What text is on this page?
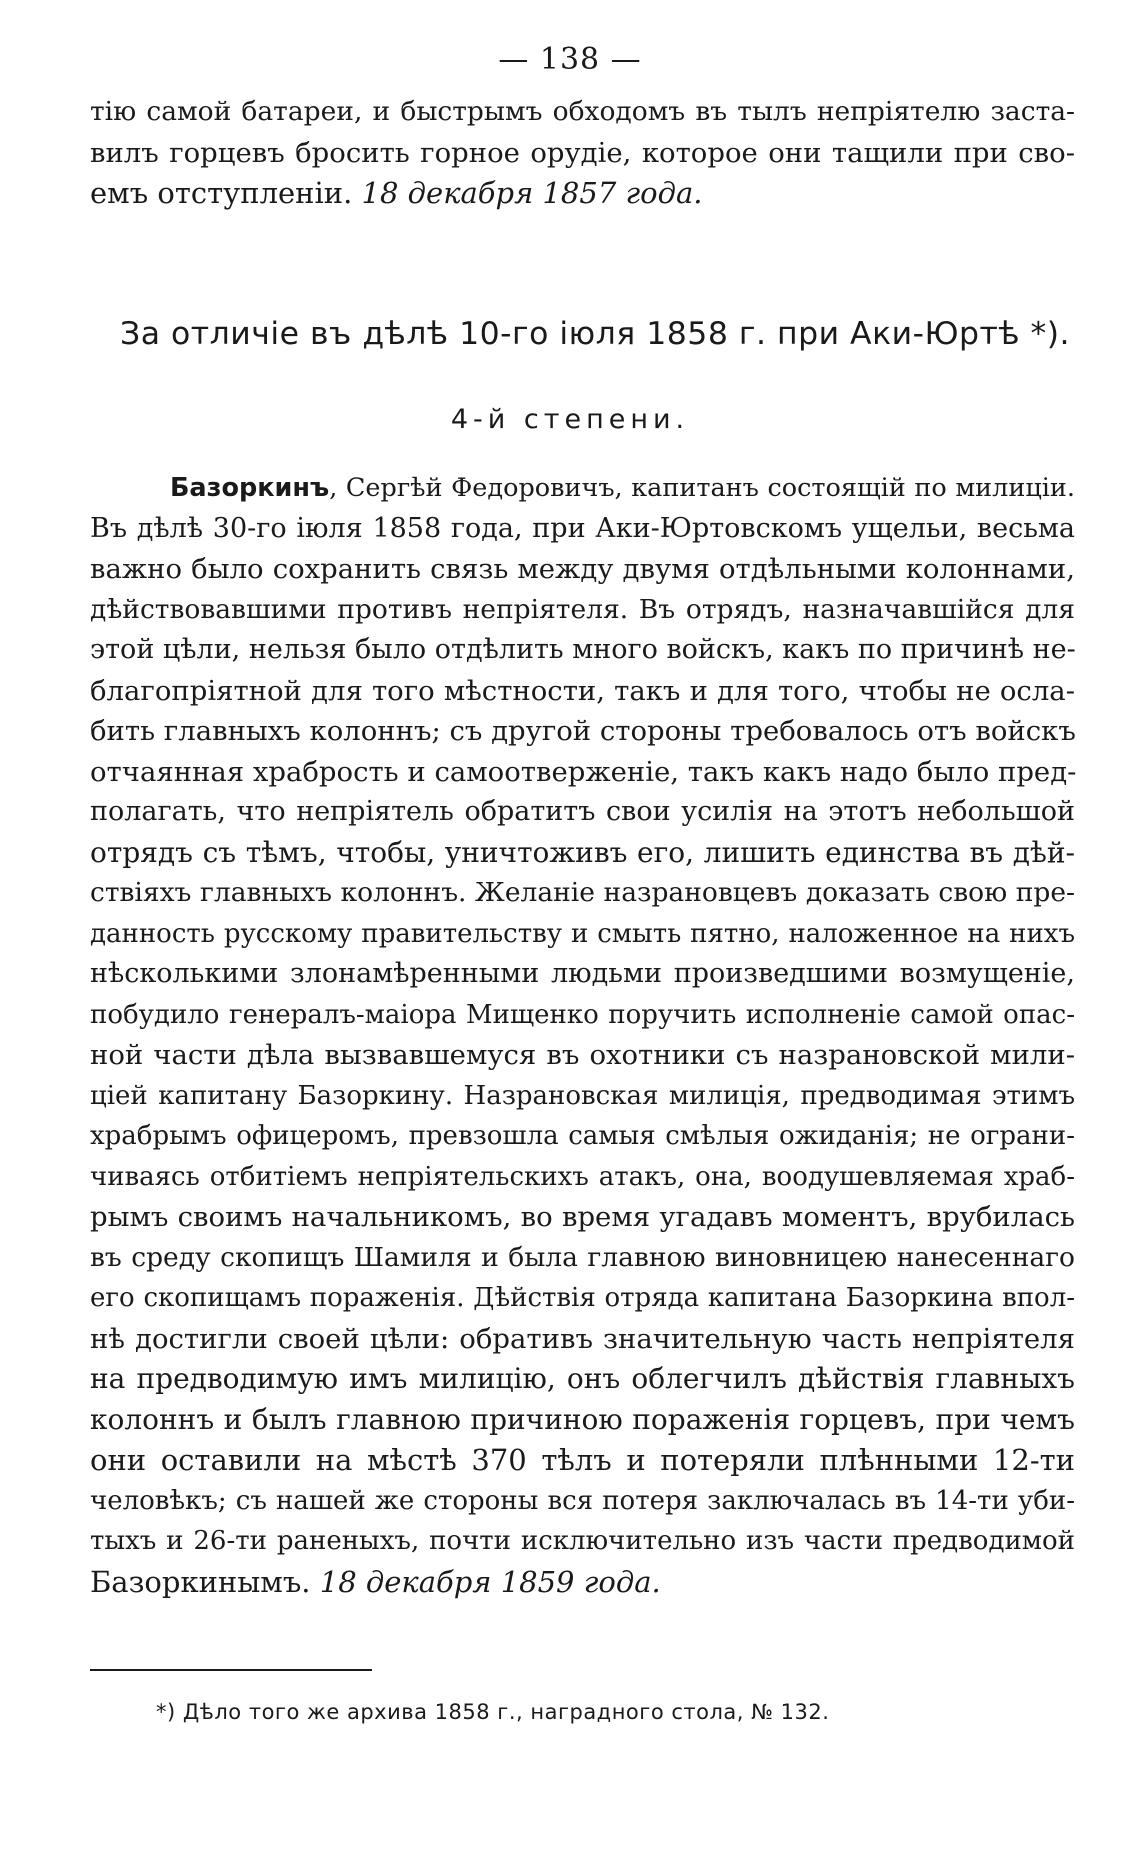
— 138 —
тію самой батареи, и быстрымъ обходомъ въ тылъ непріятелю заста-
вилъ горцевъ бросить горное орудіе, которое они тащили при сво-
емъ отступленіи. 18 декабря 1857 года.
За отличіе въ дѣлѣ 10-го іюля 1858 г. при Аки-Юртѣ *).
4-й степени.
Базоркинъ, Сергѣй Федоровичъ, капитанъ состоящій по милиціи.
Въ дѣлѣ 30-го іюля 1858 года, при Аки-Юртовскомъ ущельи, весьма
важно было сохранить связь между двумя отдѣльными колоннами,
дѣйствовавшими противъ непріятеля. Въ отрядъ, назначавшійся для
этой цѣли, нельзя было отдѣлить много войскъ, какъ по причинѣ не-
благопріятной для того мѣстности, такъ и для того, чтобы не осла-
бить главныхъ колоннъ; съ другой стороны требовалось отъ войскъ
отчаянная храбрость и самоотверженіе, такъ какъ надо было пред-
полагать, что непріятель обратитъ свои усилія на этотъ небольшой
отрядъ съ тѣмъ, чтобы, уничтоживъ его, лишить единства въ дѣй-
ствіяхъ главныхъ колоннъ. Желаніе назрановцевъ доказать свою пре-
данность русскому правительству и смыть пятно, наложенное на нихъ
нѣсколькими злонамѣренными людьми произведшими возмущеніе,
побудило генералъ-маіора Мищенко поручить исполненіе самой опас-
ной части дѣла вызвавшемуся въ охотники съ назрановской мили-
ціей капитану Базоркину. Назрановская милиція, предводимая этимъ
храбрымъ офицеромъ, превзошла самыя смѣлыя ожиданія; не ограни-
чиваясь отбитіемъ непріятельскихъ атакъ, она, воодушевляемая храб-
рымъ своимъ начальникомъ, во время угадавъ моментъ, врубилась
въ среду скопищъ Шамиля и была главною виновницею нанесеннаго
его скопищамъ пораженія. Дѣйствія отряда капитана Базоркина впол-
нѣ достигли своей цѣли: обративъ значительную часть непріятеля
на предводимую имъ милицію, онъ облегчилъ дѣйствія главныхъ
колоннъ и былъ главною причиною пораженія горцевъ, при чемъ
они оставили на мѣстѣ 370 тѣлъ и потеряли плѣнными 12-ти
человѣкъ; съ нашей же стороны вся потеря заключалась въ 14-ти уби-
тыхъ и 26-ти раненыхъ, почти исключительно изъ части предводимой
Базоркинымъ. 18 декабря 1859 года.
*) Дѣло того же архива 1858 г., наградного стола, № 132.
